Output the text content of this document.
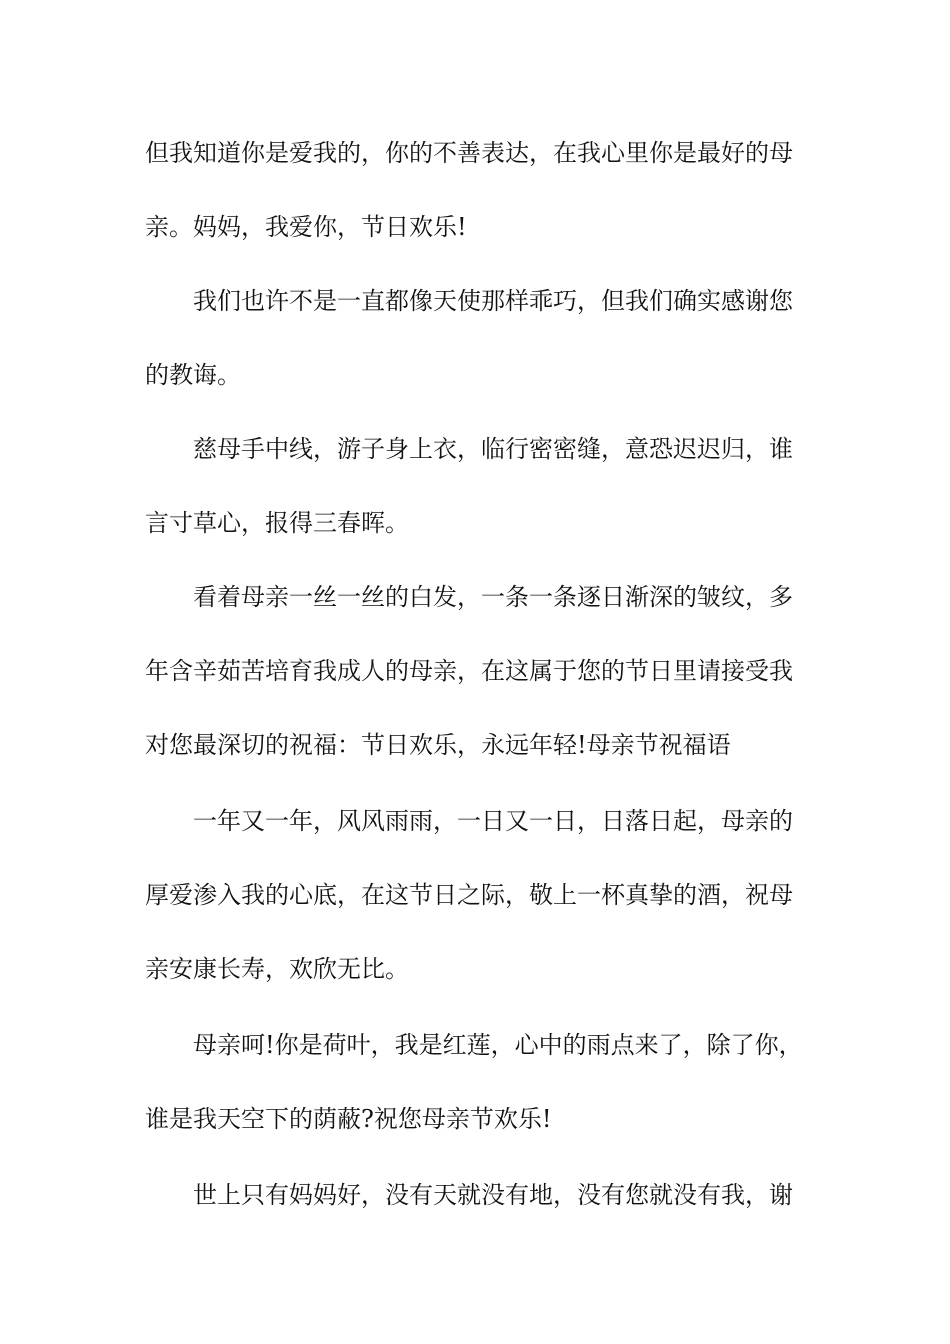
但我知道你是爱我的，你的不善表达，在我心里你是最好的母

亲。妈妈，我爱你，节日欢乐!

我们也许不是一直都像天使那样乖巧，但我们确实感谢您

的教诲。

慈母手中线，游子身上衣，临行密密缝，意恐迟迟归，谁

言寸草心，报得三春晖。

看着母亲一丝一丝的白发，一条一条逐日渐深的皱纹，多

年含辛茹苦培育我成人的母亲，在这属于您的节日里请接受我

对您最深切的祝福：节日欢乐，永远年轻!母亲节祝福语

一年又一年，风风雨雨，一日又一日，日落日起，母亲的

厚爱渗入我的心底，在这节日之际，敬上一杯真挚的酒，祝母

亲安康长寿，欢欣无比。

母亲呵!你是荷叶，我是红莲，心中的雨点来了，除了你，

谁是我天空下的荫蔽?祝您母亲节欢乐!

世上只有妈妈好，没有天就没有地，没有您就没有我，谢
